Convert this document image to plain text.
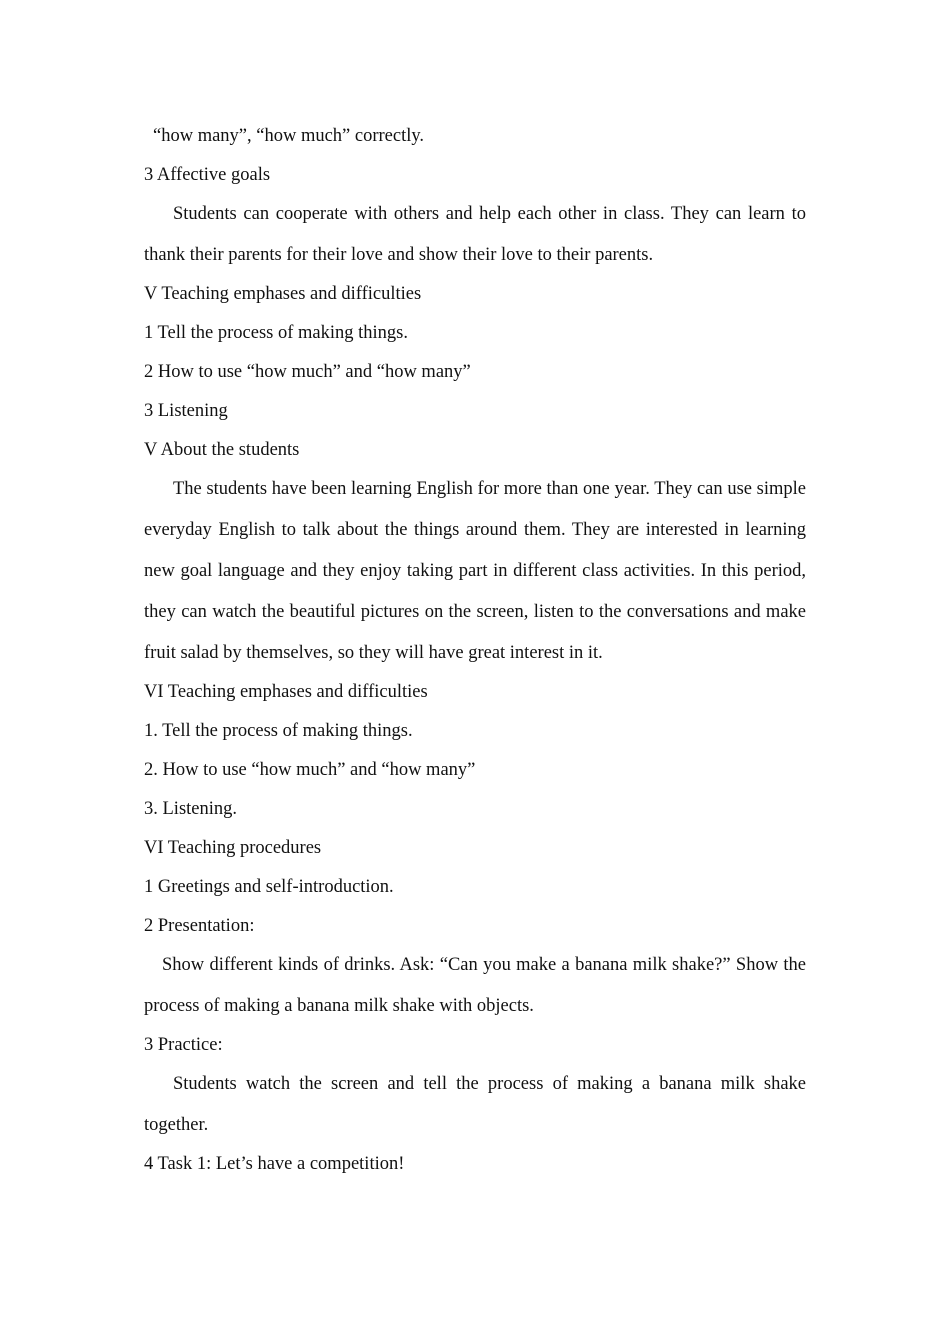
“how many”, “how much” correctly.
3 Affective goals
Students can cooperate with others and help each other in class. They can learn to thank their parents for their love and show their love to their parents.
V Teaching emphases and difficulties
1 Tell the process of making things.
2 How to use “how much” and “how many”
3 Listening
V About the students
The students have been learning English for more than one year. They can use simple everyday English to talk about the things around them. They are interested in learning new goal language and they enjoy taking part in different class activities. In this period, they can watch the beautiful pictures on the screen, listen to the conversations and make fruit salad by themselves, so they will have great interest in it.
VI Teaching emphases and difficulties
1. Tell the process of making things.
2. How to use “how much” and “how many”
3. Listening.
VI Teaching procedures
1 Greetings and self-introduction.
2 Presentation:
Show different kinds of drinks. Ask: “Can you make a banana milk shake?” Show the process of making a banana milk shake with objects.
3 Practice:
Students watch the screen and tell the process of making a banana milk shake together.
4 Task 1: Let’s have a competition!
